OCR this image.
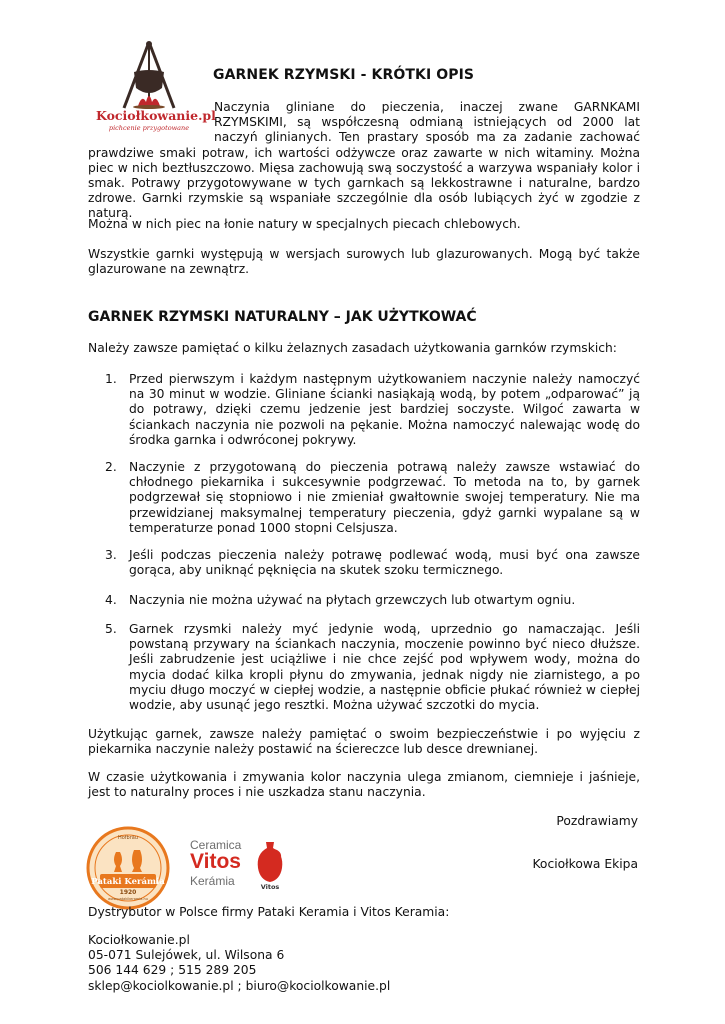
Kociołkowanie.pl
pichcenie przygotowane
GARNEK RZYMSKI - KRÓTKI OPIS

Naczynia gliniane do pieczenia, inaczej zwane GARNKAMI RZYMSKIMI, są współczesną odmianą istniejących od 2000 lat naczyń glinianych. Ten prastary sposób ma za zadanie zachować prawdziwe smaki potraw, ich wartości odżywcze oraz zawarte w nich witaminy. Można piec w nich beztłuszczowo. Mięsa zachowują swą soczystość a warzywa wspaniały kolor i smak. Potrawy przygotowywane w tych garnkach są lekkostrawne i naturalne, bardzo zdrowe. Garnki rzymskie są wspaniałe szczególnie dla osób lubiących żyć w zgodzie z naturą.

Można w nich piec na łonie natury w specjalnych piecach chlebowych.
Wszystkie garnki występują w wersjach surowych lub glazurowanych. Mogą być także glazurowane na zewnątrz.
GARNEK RZYMSKI NATURALNY – JAK UŻYTKOWAĆ
Należy zawsze pamiętać o kilku żelaznych zasadach użytkowania garnków rzymskich:
1. Przed pierwszym i każdym następnym użytkowaniem naczynie należy namoczyć na 30 minut w wodzie. Gliniane ścianki nasiąkają wodą, by potem „odparować” ją do potrawy, dzięki czemu jedzenie jest bardziej soczyste. Wilgoć zawarta w ściankach naczynia nie pozwoli na pękanie. Można namoczyć nalewając wodę do środka garnka i odwróconej pokrywy.
2. Naczynie z przygotowaną do pieczenia potrawą należy zawsze wstawiać do chłodnego piekarnika i sukcesywnie podgrzewać. To metoda na to, by garnek podgrzewał się stopniowo i nie zmieniał gwałtownie swojej temperatury. Nie ma przewidzianej maksymalnej temperatury pieczenia, gdyż garnki wypalane są w temperaturze ponad 1000 stopni Celsjusza.
3. Jeśli podczas pieczenia należy potrawę podlewać wodą, musi być ona zawsze gorąca, aby uniknąć pęknięcia na skutek szoku termicznego.
4. Naczynia nie można używać na płytach grzewczych lub otwartym ogniu.
5. Garnek rzysmki należy myć jedynie wodą, uprzednio go namaczając. Jeśli powstaną przywary na ściankach naczynia, moczenie powinno być nieco dłuższe. Jeśli zabrudzenie jest uciążliwe i nie chce zejść pod wpływem wody, można do mycia dodać kilka kropli płynu do zmywania, jednak nigdy nie ziarnistego, a po myciu długo moczyć w ciepłej wodzie, a następnie obficie płukać również w ciepłej wodzie, aby usunąć jego resztki. Można używać szczotki do mycia.
Użytkując garnek, zawsze należy pamiętać o swoim bezpieczeństwie i po wyjęciu z piekarnika naczynie należy postawić na ściereczce lub desce drewnianej.
W czasie użytkowania i zmywania kolor naczynia ulega zmianom, ciemnieje i jaśnieje, jest to naturalny proces i nie uszkadza stanu naczynia.
Pozdrawiamy
Kociołkowa Ekipa
Hofbräu
Pataki Kerámia
1920
www.patakikeramia.hu
Ceramica
Vitos
Kerámia	Vitos
Dystrybutor w Polsce firmy Pataki Keramia i Vitos Keramia:
Kociołkowanie.pl
05-071 Sulejówek, ul. Wilsona 6
506 144 629 ; 515 289 205
sklep@kociolkowanie.pl ; biuro@kociolkowanie.pl
